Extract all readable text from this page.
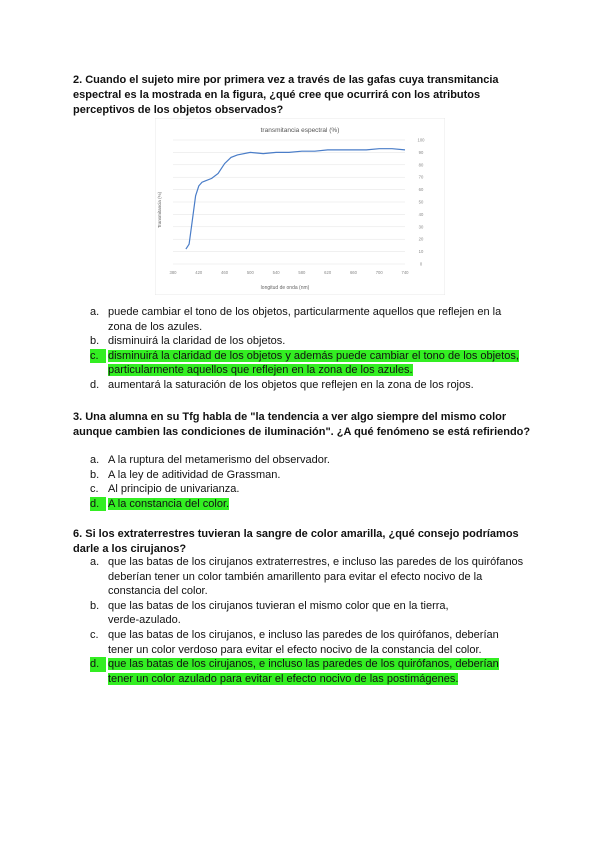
2. Cuando el sujeto mire por primera vez a través de las gafas cuya transmitancia espectral es la mostrada en la figura, ¿qué cree que ocurrirá con los atributos perceptivos de los objetos observados?
transmitancia espectral (%)
longitud de onda (nm)
Transmitancia (%)
0
10
20
30
40
50
60
70
80
90
100
380	420	460	500	540	580	620	660	700	740
a. puede cambiar el tono de los objetos, particularmente aquellos que reflejen en la
zona de los azules.
b. disminuirá la claridad de los objetos.
c. disminuirá la claridad de los objetos y además puede cambiar el tono de los objetos,
particularmente aquellos que reflejen en la zona de los azules.
d. aumentará la saturación de los objetos que reflejen en la zona de los rojos.
3. Una alumna en su Tfg habla de "la tendencia a ver algo siempre del mismo color aunque cambien las condiciones de iluminación". ¿A qué fenómeno se está refiriendo?
a. A la ruptura del metamerismo del observador.
b. A la ley de aditividad de Grassman.
c. Al principio de univarianza.
d. A la constancia del color.
6. Si los extraterrestres tuvieran la sangre de color amarilla, ¿qué consejo podríamos darle a los cirujanos?
a. que las batas de los cirujanos extraterrestres, e incluso las paredes de los quirófanos
deberían tener un color también amarillento para evitar el efecto nocivo de la
constancia del color.
b. que las batas de los cirujanos tuvieran el mismo color que en la tierra,
verde-azulado.
c. que las batas de los cirujanos, e incluso las paredes de los quirófanos, deberían
tener un color verdoso para evitar el efecto nocivo de la constancia del color.
d. que las batas de los cirujanos, e incluso las paredes de los quirófanos, deberían
tener un color azulado para evitar el efecto nocivo de las postimágenes.
